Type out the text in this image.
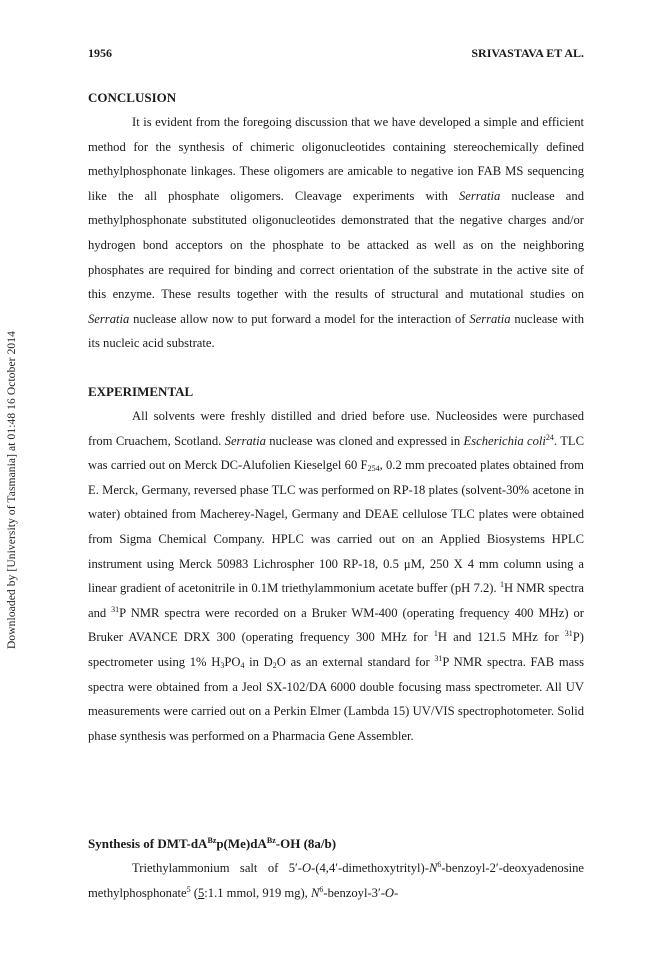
Downloaded by [University of Tasmania] at 01:48 16 October 2014
1956	SRIVASTAVA ET AL.
CONCLUSION

It is evident from the foregoing discussion that we have developed a simple and efficient method for the synthesis of chimeric oligonucleotides containing stereochemically defined methylphosphonate linkages. These oligomers are amicable to negative ion FAB MS sequencing like the all phosphate oligomers. Cleavage experiments with Serratia nuclease and methylphosphonate substituted oligonucleotides demonstrated that the negative charges and/or hydrogen bond acceptors on the phosphate to be attacked as well as on the neighboring phosphates are required for binding and correct orientation of the substrate in the active site of this enzyme. These results together with the results of structural and mutational studies on Serratia nuclease allow now to put forward a model for the interaction of Serratia nuclease with its nucleic acid substrate.

EXPERIMENTAL

All solvents were freshly distilled and dried before use. Nucleosides were purchased from Cruachem, Scotland. Serratia nuclease was cloned and expressed in Escherichia coli$^{24}$. TLC was carried out on Merck DC-Alufolien Kieselgel 60 $F_{254}$, 0.2 mm precoated plates obtained from E. Merck, Germany, reversed phase TLC was performed on RP-18 plates (solvent-30% acetone in water) obtained from Macherey-Nagel, Germany and DEAE cellulose TLC plates were obtained from Sigma Chemical Company. HPLC was carried out on an Applied Biosystems HPLC instrument using Merck 50983 Lichrospher 100 RP-18, 0.5 μM, 250 X 4 mm column using a linear gradient of acetonitrile in 0.1M triethylammonium acetate buffer (pH 7.2). $^1$H NMR spectra and $^{31}$P NMR spectra were recorded on a Bruker WM-400 (operating frequency 400 MHz) or Bruker AVANCE DRX 300 (operating frequency 300 MHz for $^1$H and 121.5 MHz for $^{31}$P) spectrometer using 1% $H_3PO_4$ in $D_2O$ as an external standard for $^{31}$P NMR spectra. FAB mass spectra were obtained from a Jeol SX-102/DA 6000 double focusing mass spectrometer. All UV measurements were carried out on a Perkin Elmer (Lambda 15) UV/VIS spectrophotometer. Solid phase synthesis was performed on a Pharmacia Gene Assembler.

Synthesis of DMT-$dA^{Bz}p(Me)dA^{Bz}-OH$ (8a/b)

Triethylammonium salt of $5'-O-(4,4'-dimethoxytrityl)-N^6-benzoyl-2'$-deoxyadenosine methylphosphonate$^5$ (5:1.1 mmol, 919 mg), $N^6-benzoyl-3'-O-$
